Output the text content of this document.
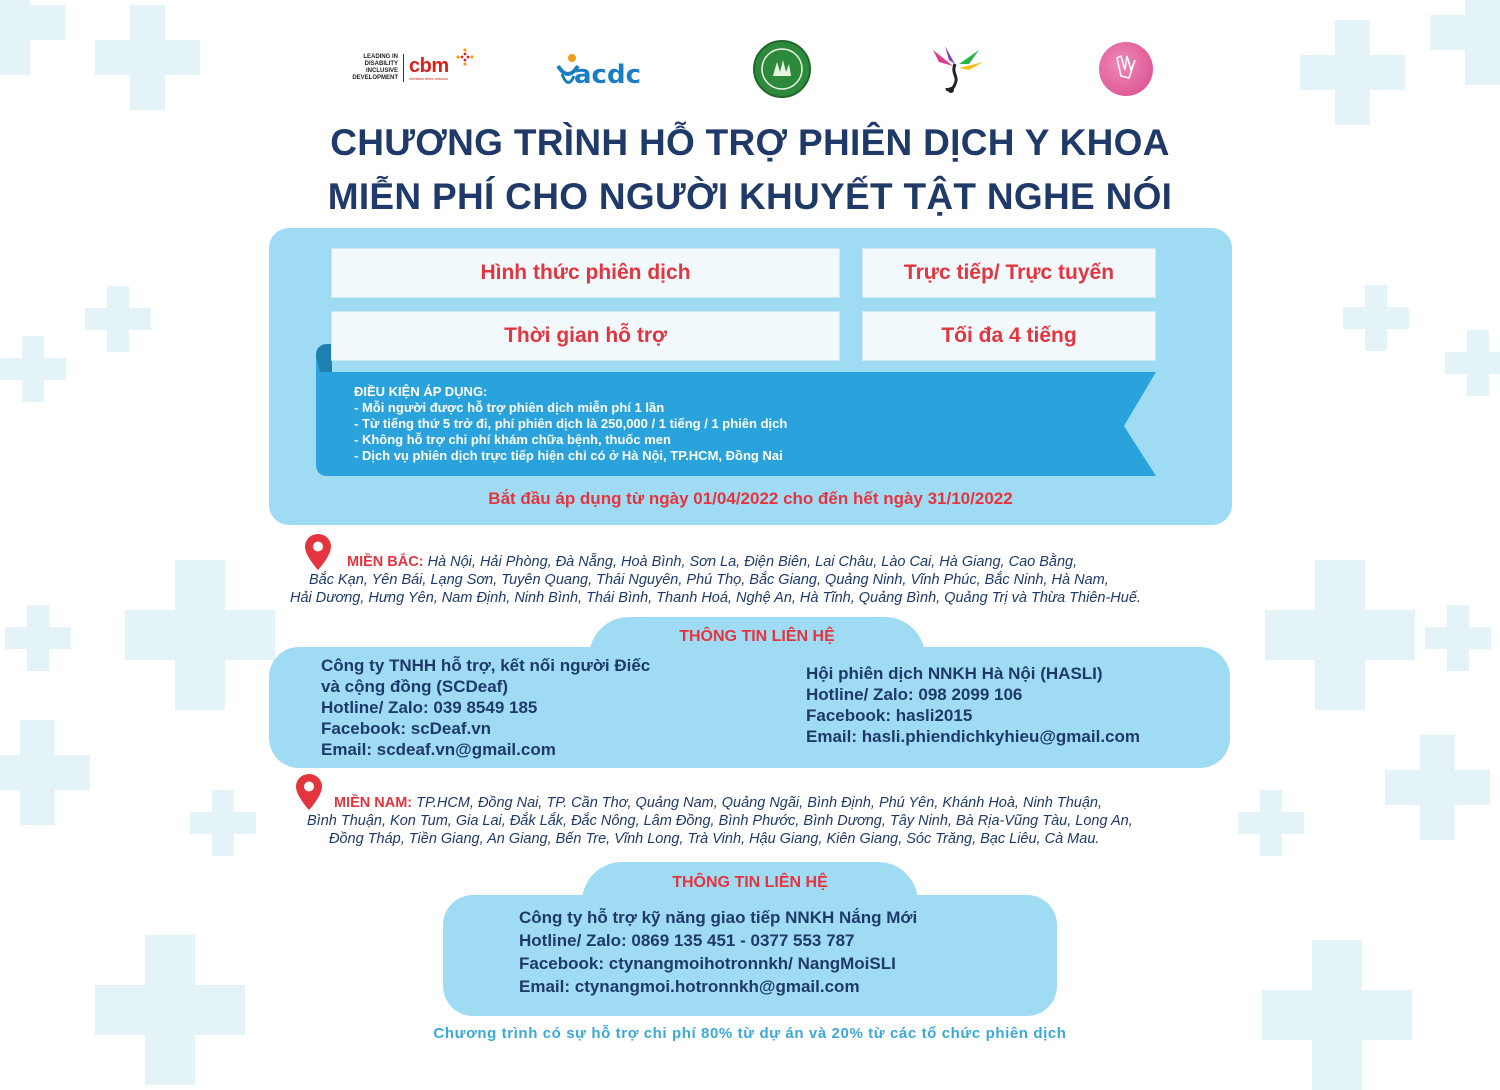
LEADING IN DISABILITY INCLUSIVE DEVELOPMENT
cbm
christian blind mission	acdc
CHƯƠNG TRÌNH HỖ TRỢ PHIÊN DỊCH Y KHOA
MIỄN PHÍ CHO NGƯỜI KHUYẾT TẬT NGHE NÓI
Hình thức phiên dịch	Trực tiếp/ Trực tuyến
Thời gian hỗ trợ	Tối đa 4 tiếng
ĐIỀU KIỆN ÁP DỤNG:
- Mỗi người được hỗ trợ phiên dịch miễn phí 1 lần
- Từ tiếng thứ 5 trở đi, phí phiên dịch là 250,000 / 1 tiếng / 1 phiên dịch
- Không hỗ trợ chi phí khám chữa bệnh, thuốc men
- Dịch vụ phiên dịch trực tiếp hiện chỉ có ở Hà Nội, TP.HCM, Đồng Nai
Bắt đầu áp dụng từ ngày 01/04/2022 cho đến hết ngày 31/10/2022
MIỀN BẮC: Hà Nội, Hải Phòng, Đà Nẵng, Hoà Bình, Sơn La, Điện Biên, Lai Châu, Lào Cai, Hà Giang, Cao Bằng,
Bắc Kạn, Yên Bái, Lạng Sơn, Tuyên Quang, Thái Nguyên, Phú Thọ, Bắc Giang, Quảng Ninh, Vĩnh Phúc, Bắc Ninh, Hà Nam,
Hải Dương, Hưng Yên, Nam Định, Ninh Bình, Thái Bình, Thanh Hoá, Nghệ An, Hà Tĩnh, Quảng Bình, Quảng Trị và Thừa Thiên-Huế.
THÔNG TIN LIÊN HỆ
Công ty TNHH hỗ trợ, kết nối người Điếc
và cộng đồng (SCDeaf)
Hotline/ Zalo: 039 8549 185
Facebook: scDeaf.vn
Email: scdeaf.vn@gmail.com
Hội phiên dịch NNKH Hà Nội (HASLI)
Hotline/ Zalo: 098 2099 106
Facebook: hasli2015
Email: hasli.phiendichkyhieu@gmail.com
MIỀN NAM: TP.HCM, Đồng Nai, TP. Cần Thơ, Quảng Nam, Quảng Ngãi, Bình Định, Phú Yên, Khánh Hoà, Ninh Thuận,
Bình Thuận, Kon Tum, Gia Lai, Đắk Lắk, Đắc Nông, Lâm Đồng, Bình Phước, Bình Dương, Tây Ninh, Bà Rịa-Vũng Tàu, Long An,
Đồng Tháp, Tiền Giang, An Giang, Bến Tre, Vĩnh Long, Trà Vinh, Hậu Giang, Kiên Giang, Sóc Trăng, Bạc Liêu, Cà Mau.
THÔNG TIN LIÊN HỆ
Công ty hỗ trợ kỹ năng giao tiếp NNKH Nắng Mới
Hotline/ Zalo: 0869 135 451 - 0377 553 787
Facebook: ctynangmoihotronnkh/ NangMoiSLI
Email: ctynangmoi.hotronnkh@gmail.com
Chương trình có sự hỗ trợ chi phí 80% từ dự án và 20% từ các tổ chức phiên dịch
